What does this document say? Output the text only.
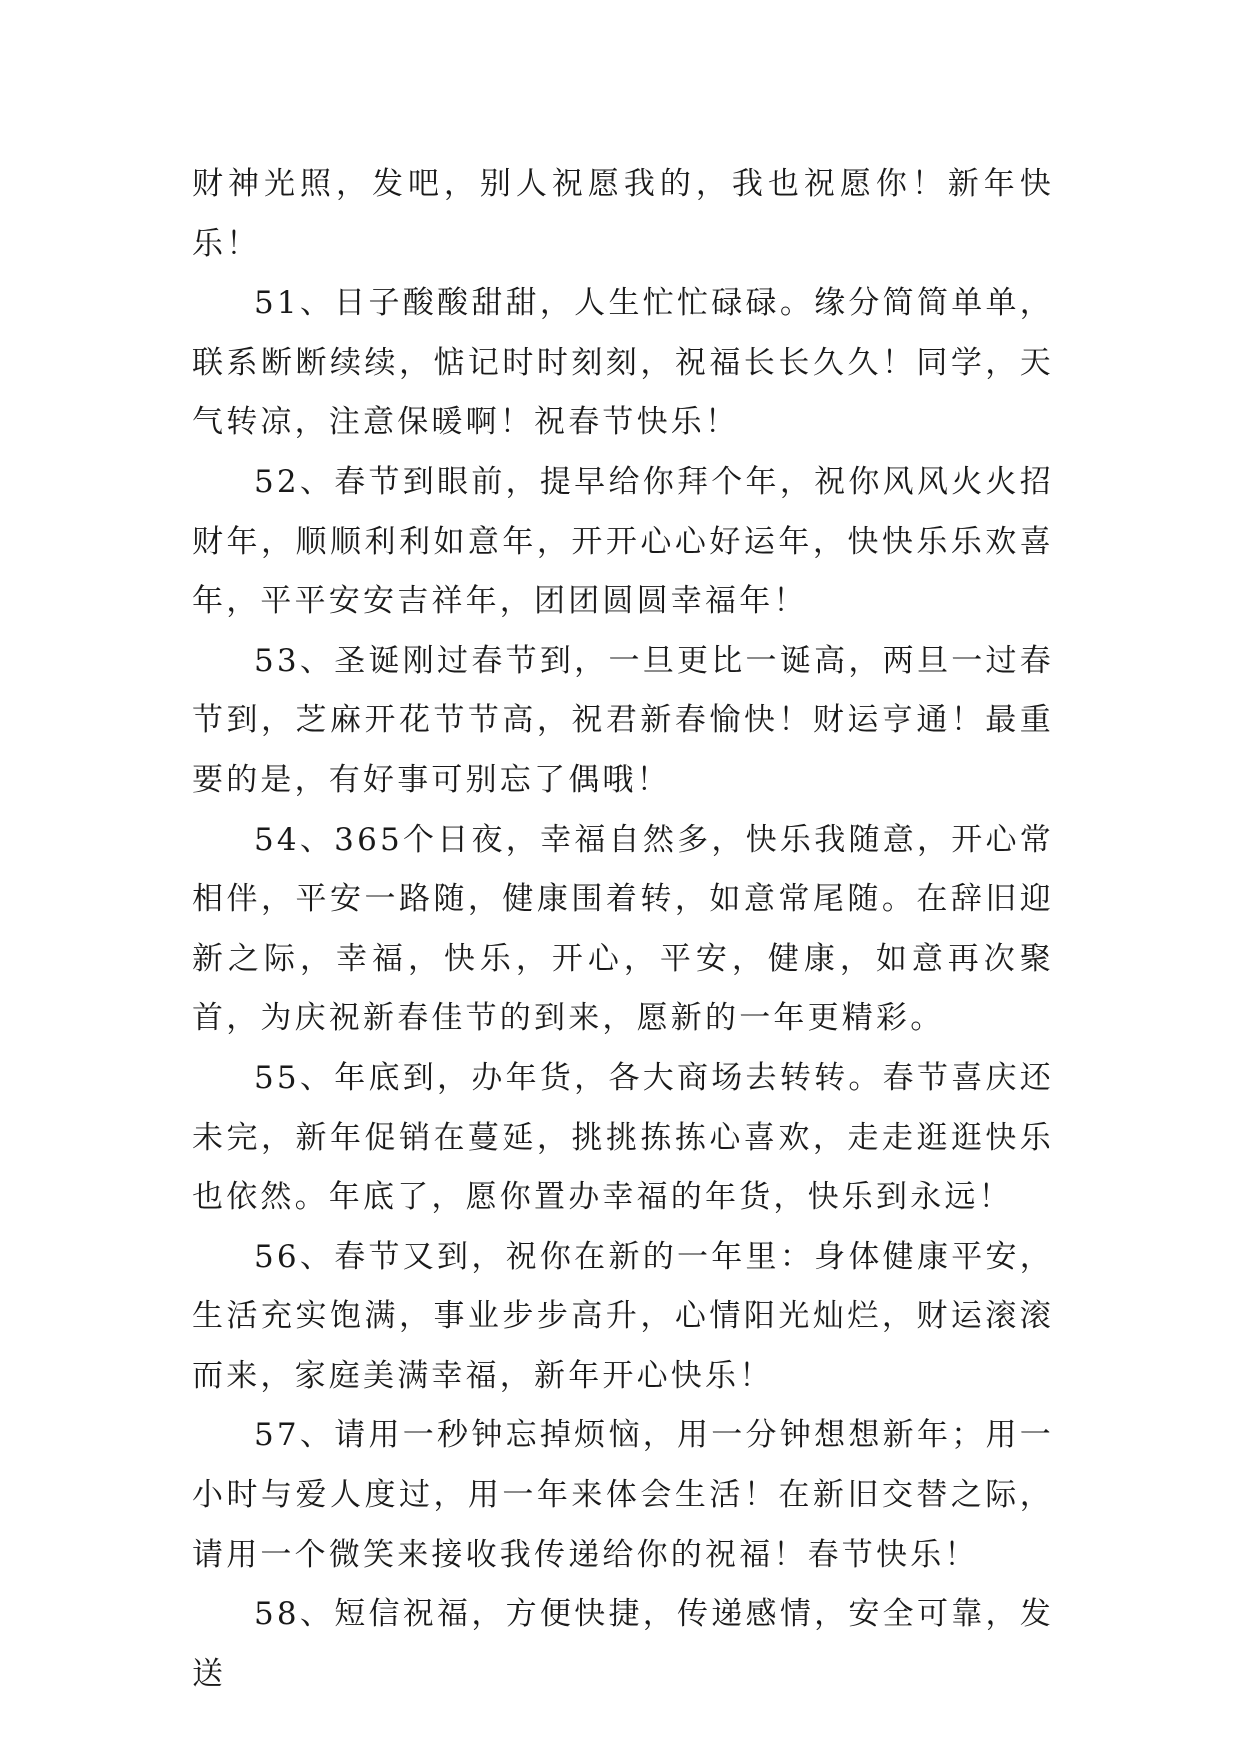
财神光照，发吧，别人祝愿我的，我也祝愿你！新年快乐！

51、日子酸酸甜甜，人生忙忙碌碌。缘分简简单单，联系断断续续，惦记时时刻刻，祝福长长久久！同学，天气转凉，注意保暖啊！祝春节快乐！

52、春节到眼前，提早给你拜个年，祝你风风火火招财年，顺顺利利如意年，开开心心好运年，快快乐乐欢喜年，平平安安吉祥年，团团圆圆幸福年！

53、圣诞刚过春节到，一旦更比一诞高，两旦一过春节到，芝麻开花节节高，祝君新春愉快！财运亨通！最重要的是，有好事可别忘了偶哦！

54、365个日夜，幸福自然多，快乐我随意，开心常相伴，平安一路随，健康围着转，如意常尾随。在辞旧迎新之际，幸福，快乐，开心，平安，健康，如意再次聚首，为庆祝新春佳节的到来，愿新的一年更精彩。

55、年底到，办年货，各大商场去转转。春节喜庆还未完，新年促销在蔓延，挑挑拣拣心喜欢，走走逛逛快乐也依然。年底了，愿你置办幸福的年货，快乐到永远！

56、春节又到，祝你在新的一年里：身体健康平安，生活充实饱满，事业步步高升，心情阳光灿烂，财运滚滚而来，家庭美满幸福，新年开心快乐！

57、请用一秒钟忘掉烦恼，用一分钟想想新年；用一小时与爱人度过，用一年来体会生活！在新旧交替之际，请用一个微笑来接收我传递给你的祝福！春节快乐！

58、短信祝福，方便快捷，传递感情，安全可靠，发送
